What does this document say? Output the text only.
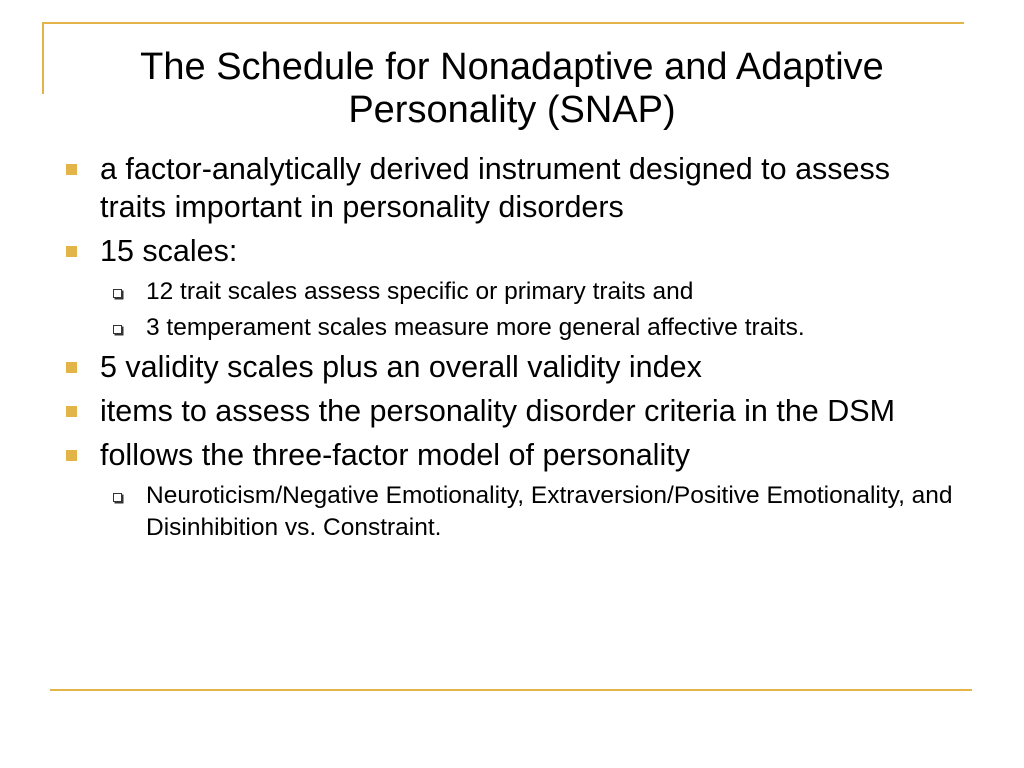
The Schedule for Nonadaptive and Adaptive
Personality (SNAP)
a factor-analytically derived instrument designed to assess traits important in personality disorders
15 scales:
12 trait scales assess specific or primary traits and
3 temperament scales measure more general affective traits.
5 validity scales plus an overall validity index
items to assess the personality disorder criteria in the DSM
follows the three-factor model of personality
Neuroticism/Negative Emotionality, Extraversion/Positive Emotionality, and Disinhibition vs. Constraint.
